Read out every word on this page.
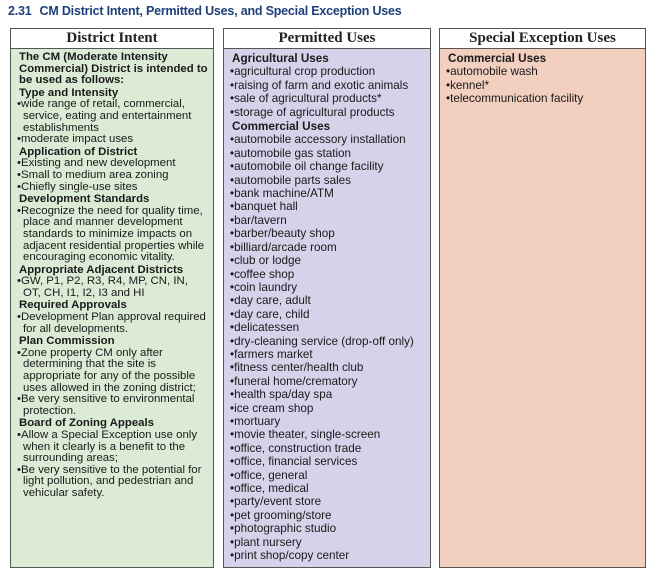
2.31 CM District Intent, Permitted Uses, and Special Exception Uses
District Intent
The CM (Moderate Intensity Commercial) District is intended to be used as follows:
Type and Intensity
•wide range of retail, commercial, service, eating and entertainment establishments
•moderate impact uses
Application of District
•Existing and new development
•Small to medium area zoning
•Chiefly single-use sites
Development Standards
•Recognize the need for quality time, place and manner development standards to minimize impacts on adjacent residential properties while encouraging economic vitality.
Appropriate Adjacent Districts
•GW, P1, P2, R3, R4, MP, CN, IN, OT, CH, I1, I2, I3 and HI
Required Approvals
•Development Plan approval required for all developments.
Plan Commission
•Zone property CM only after determining that the site is appropriate for any of the possible uses allowed in the zoning district;
•Be very sensitive to environmental protection.
Board of Zoning Appeals
•Allow a Special Exception use only when it clearly is a benefit to the surrounding areas;
•Be very sensitive to the potential for light pollution, and pedestrian and vehicular safety.
Permitted Uses
Agricultural Uses
•agricultural crop production
•raising of farm and exotic animals
•sale of agricultural products*
•storage of agricultural products
Commercial Uses
•automobile accessory installation
•automobile gas station
•automobile oil change facility
•automobile parts sales
•bank machine/ATM
•banquet hall
•bar/tavern
•barber/beauty shop
•billiard/arcade room
•club or lodge
•coffee shop
•coin laundry
•day care, adult
•day care, child
•delicatessen
•dry-cleaning service (drop-off only)
•farmers market
•fitness center/health club
•funeral home/crematory
•health spa/day spa
•ice cream shop
•mortuary
•movie theater, single-screen
•office, construction trade
•office, financial services
•office, general
•office, medical
•party/event store
•pet grooming/store
•photographic studio
•plant nursery
•print shop/copy center
Special Exception Uses
Commercial Uses
•automobile wash
•kennel*
•telecommunication facility
